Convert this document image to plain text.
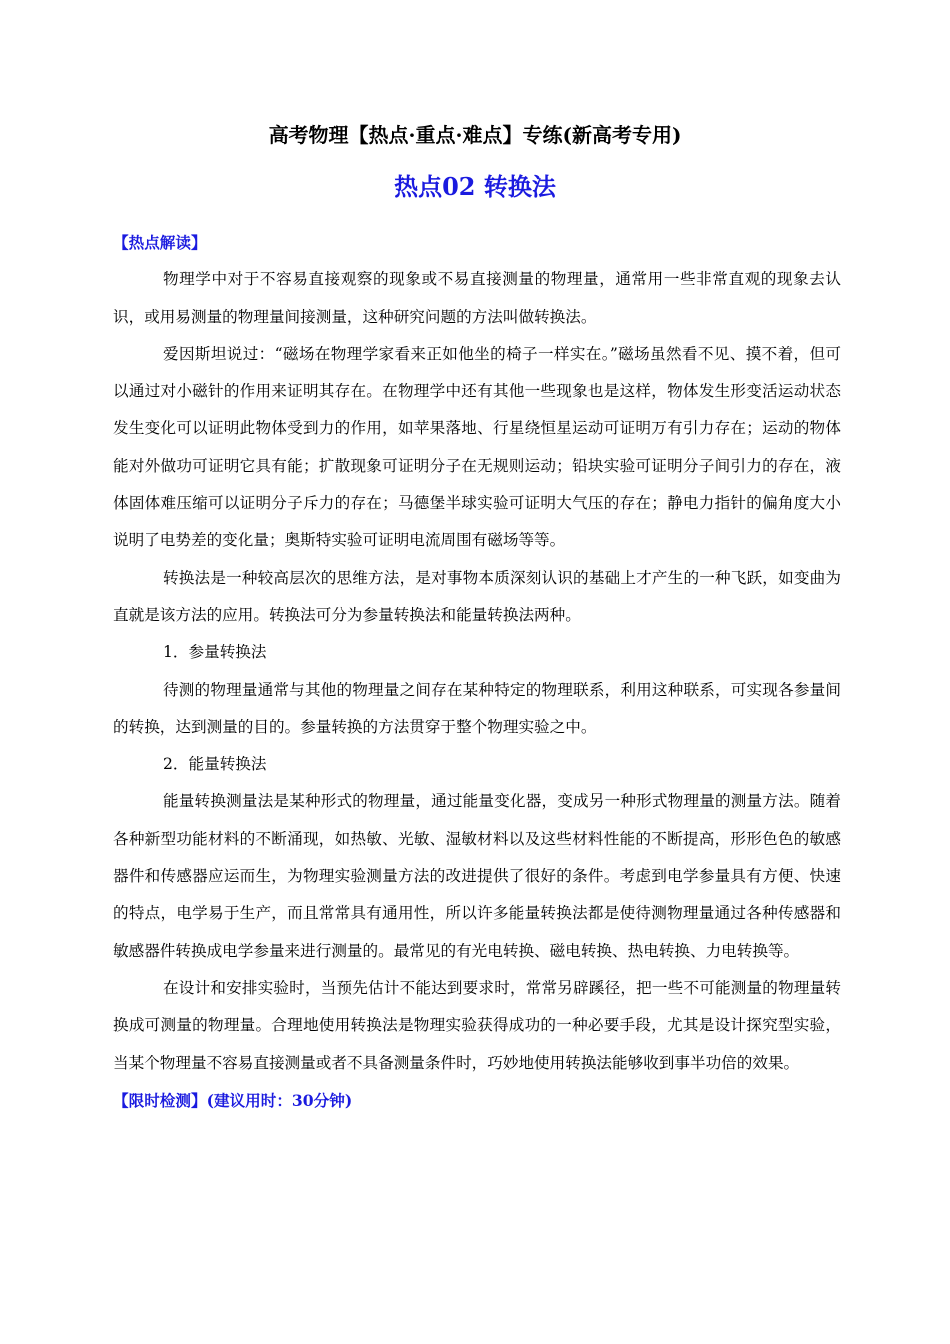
高考物理【热点·重点·难点】专练(新高考专用)
热点02 转换法

【热点解读】

物理学中对于不容易直接观察的现象或不易直接测量的物理量，通常用一些非常直观的现象去认识，或用易测量的物理量间接测量，这种研究问题的方法叫做转换法。

爱因斯坦说过：“磁场在物理学家看来正如他坐的椅子一样实在。”磁场虽然看不见、摸不着，但可以通过对小磁针的作用来证明其存在。在物理学中还有其他一些现象也是这样，物体发生形变活运动状态发生变化可以证明此物体受到力的作用，如苹果落地、行星绕恒星运动可证明万有引力存在；运动的物体能对外做功可证明它具有能；扩散现象可证明分子在无规则运动；铅块实验可证明分子间引力的存在，液体固体难压缩可以证明分子斥力的存在；马德堡半球实验可证明大气压的存在；静电力指针的偏角度大小说明了电势差的变化量；奥斯特实验可证明电流周围有磁场等等。

转换法是一种较高层次的思维方法，是对事物本质深刻认识的基础上才产生的一种飞跃，如变曲为直就是该方法的应用。转换法可分为参量转换法和能量转换法两种。

1．参量转换法

待测的物理量通常与其他的物理量之间存在某种特定的物理联系，利用这种联系，可实现各参量间的转换，达到测量的目的。参量转换的方法贯穿于整个物理实验之中。

2．能量转换法

能量转换测量法是某种形式的物理量，通过能量变化器，变成另一种形式物理量的测量方法。随着各种新型功能材料的不断涌现，如热敏、光敏、湿敏材料以及这些材料性能的不断提高，形形色色的敏感器件和传感器应运而生，为物理实验测量方法的改进提供了很好的条件。考虑到电学参量具有方便、快速的特点，电学易于生产，而且常常具有通用性，所以许多能量转换法都是使待测物理量通过各种传感器和敏感器件转换成电学参量来进行测量的。最常见的有光电转换、磁电转换、热电转换、力电转换等。

在设计和安排实验时，当预先估计不能达到要求时，常常另辟蹊径，把一些不可能测量的物理量转换成可测量的物理量。合理地使用转换法是物理实验获得成功的一种必要手段，尤其是设计探究型实验，当某个物理量不容易直接测量或者不具备测量条件时，巧妙地使用转换法能够收到事半功倍的效果。

【限时检测】(建议用时：30分钟)
